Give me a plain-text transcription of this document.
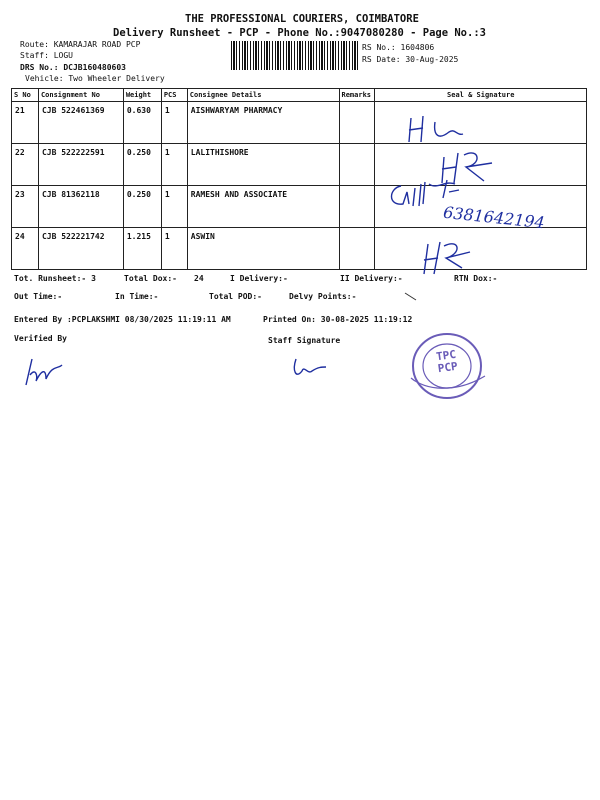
THE PROFESSIONAL COURIERS, COIMBATORE
Delivery Runsheet - PCP - Phone No.:9047080280 - Page No.:3
Route: KAMARAJAR ROAD PCP
Staff: LOGU
DRS No.: DCJB160480603
Vehicle: Two Wheeler Delivery
RS No.: 1604806
RS Date: 30-Aug-2025
S No	Consignment No	Weight	PCS	Consignee Details	Remarks	Seal & Signature
21	CJB 522461369	0.630	1	AISHWARYAM PHARMACY		
22	CJB 522222591	0.250	1	LALITHISHORE		
23	CJB 81362118	0.250	1	RAMESH AND ASSOCIATE		
24	CJB 522221742	1.215	1	ASWIN		
6381642194
Tot. Runsheet:- 3	Total Dox:- 24	I Delivery:-	II Delivery:-	RTN Dox:-
Out Time:-	In Time:-	Total POD:-	Delvy Points:-
Entered By :PCPLAKSHMI 08/30/2025 11:19:11 AM	Printed On: 30-08-2025 11:19:12
Verified By	Staff Signature
TPC PCP
